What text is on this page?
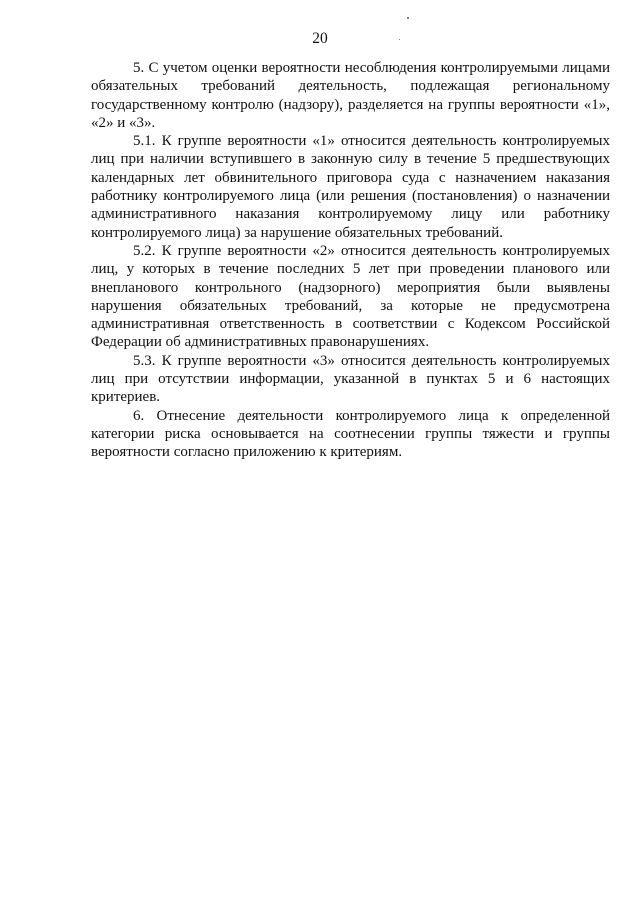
20

5. С учетом оценки вероятности несоблюдения контролируемыми лицами обязательных требований деятельность, подлежащая региональному государственному контролю (надзору), разделяется на группы вероятности «1», «2» и «3».

5.1. К группе вероятности «1» относится деятельность контролируемых лиц при наличии вступившего в законную силу в течение 5 предшествующих календарных лет обвинительного приговора суда с назначением наказания работнику контролируемого лица (или решения (постановления) о назначении административного наказания контролируемому лицу или работнику контролируемого лица) за нарушение обязательных требований.

5.2. К группе вероятности «2» относится деятельность контролируемых лиц, у которых в течение последних 5 лет при проведении планового или внепланового контрольного (надзорного) мероприятия были выявлены нарушения обязательных требований, за которые не предусмотрена административная ответственность в соответствии с Кодексом Российской Федерации об административных правонарушениях.

5.3. К группе вероятности «3» относится деятельность контролируемых лиц при отсутствии информации, указанной в пунктах 5 и 6 настоящих критериев.

6. Отнесение деятельности контролируемого лица к определенной категории риска основывается на соотнесении группы тяжести и группы вероятности согласно приложению к критериям.
